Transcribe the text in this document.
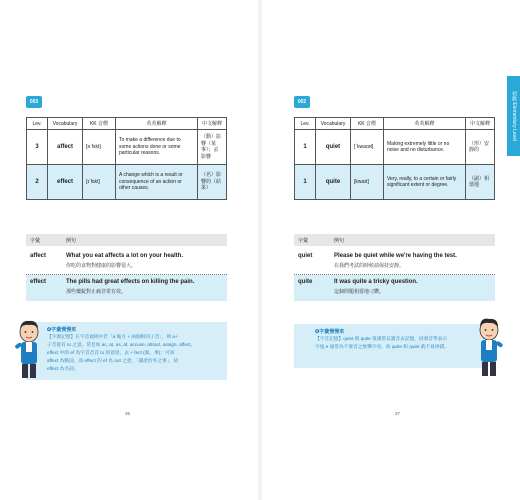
003
Lev.	Vocabulary	KK 音標	英英解釋	中文解釋
3	affect	[əˋfɛkt]	To make a difference due to some actions done or some particular reasons.	（動）影響（某事）；丟影響
2	effect	[ɪˋfɛkt]	A change which is a result or consequence of an action or other causes.	（名）影響的（結果）
字彙	例句
affect	What you eat affects a lot on your health.
你吃的食物對健康的影響很大。
effect	The pills had great effects on killing the pain.
那些藥錠對止痛非常有效。
✪字彙慢慢來
【字源記憶】在字首規則中若「a 後方 + 兩個相同子音」，則 a+
子音從有 to 之意。常見如 ac, at, as, af, accuse, attract, assign, affect。
effect 中的 ef 為字首音首 to 的意思，去 + fect (做、事)；可知
affect 為動詞，而 effect 的 ef 為 out 之意，「讓產於外之事」，故
effect 為名詞。
36
002
Lev.	Vocabulary	KK 音標	英英解釋	中文解釋
1	quiet	[ˋkwaɪət]	Making extremely little or no noise and no disturbance.	（形）安靜的
1	quite	[kwaɪt]	Very, really, to a certain or fairly significant extent or degree.	（副）相當地
字彙	例句
quiet	Please be quiet while we're having the test.
在我們考試的時候請保持安靜。
quite	It was quite a tricky question.
這個問題相當地刁鑽。
✪字彙慢慢來
【字音記憶】quiet 與 quite 很適常以讀音去記憶，因發音學表示
字尾 e 通常為不發音之無聲字母，故 quite 和 quiet 就不易拼錯。
37
初級 Elementary Level
